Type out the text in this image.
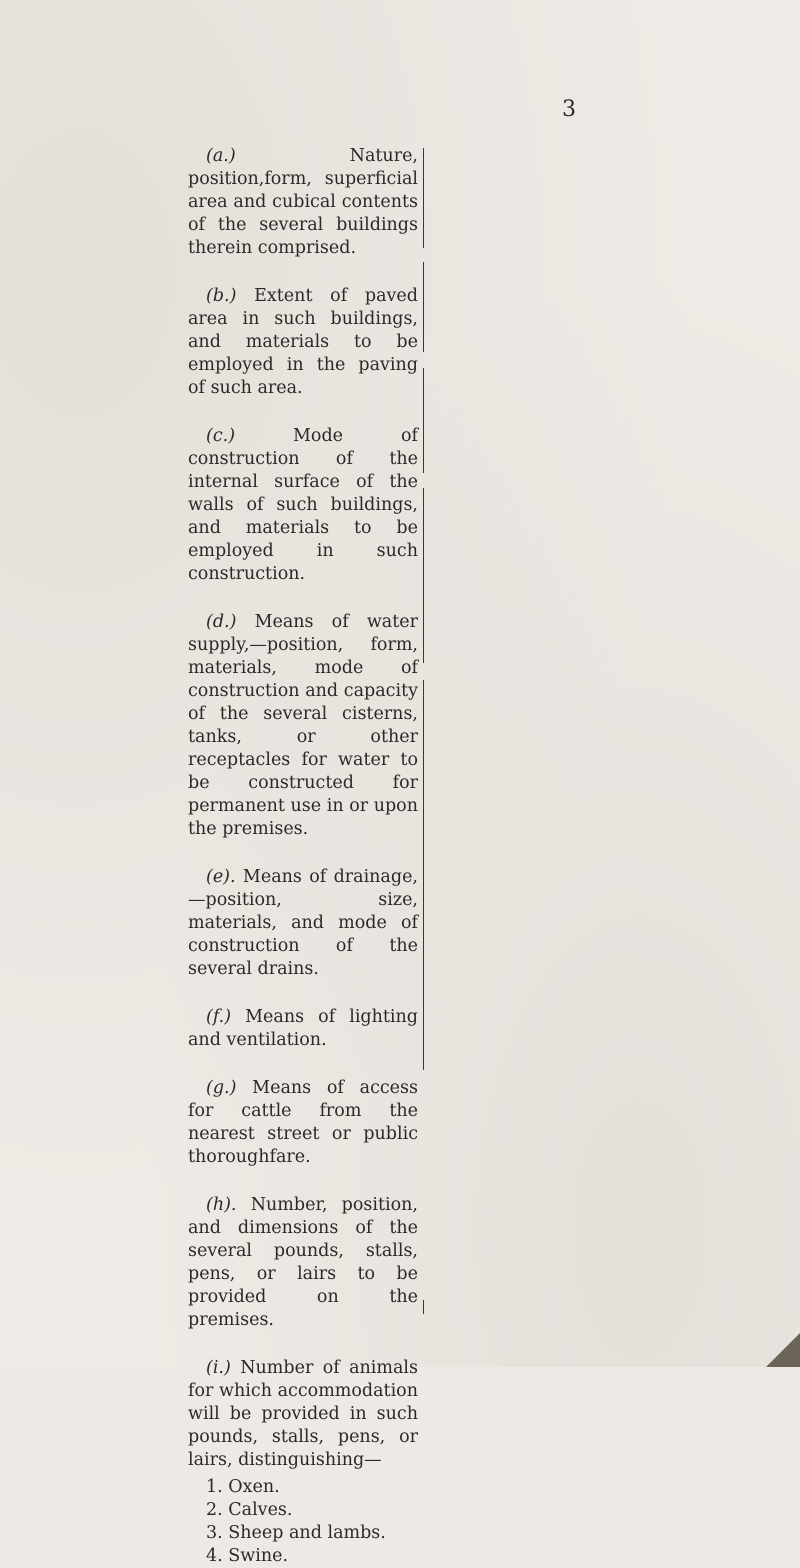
3

(a.) Nature, position,form, superficial area and cubical contents of the several buildings therein comprised.

(b.) Extent of paved area in such buildings, and materials to be employed in the paving of such area.

(c.) Mode of construction of the internal surface of the walls of such buildings, and materials to be employed in such construction.

(d.) Means of water supply,—position, form, materials, mode of construction and capacity of the several cisterns, tanks, or other receptacles for water to be constructed for permanent use in or upon the premises.

(e). Means of drainage,—position, size, materials, and mode of construction of the several drains.

(f.) Means of lighting and ventilation.

(g.) Means of access for cattle from the nearest street or public thoroughfare.

(h). Number, position, and dimensions of the several pounds, stalls, pens, or lairs to be provided on the premises.

(i.) Number of animals for which accommodation will be provided in such pounds, stalls, pens, or lairs, distinguishing—

1. Oxen.
2. Calves.
3. Sheep and lambs.
4. Swine.
